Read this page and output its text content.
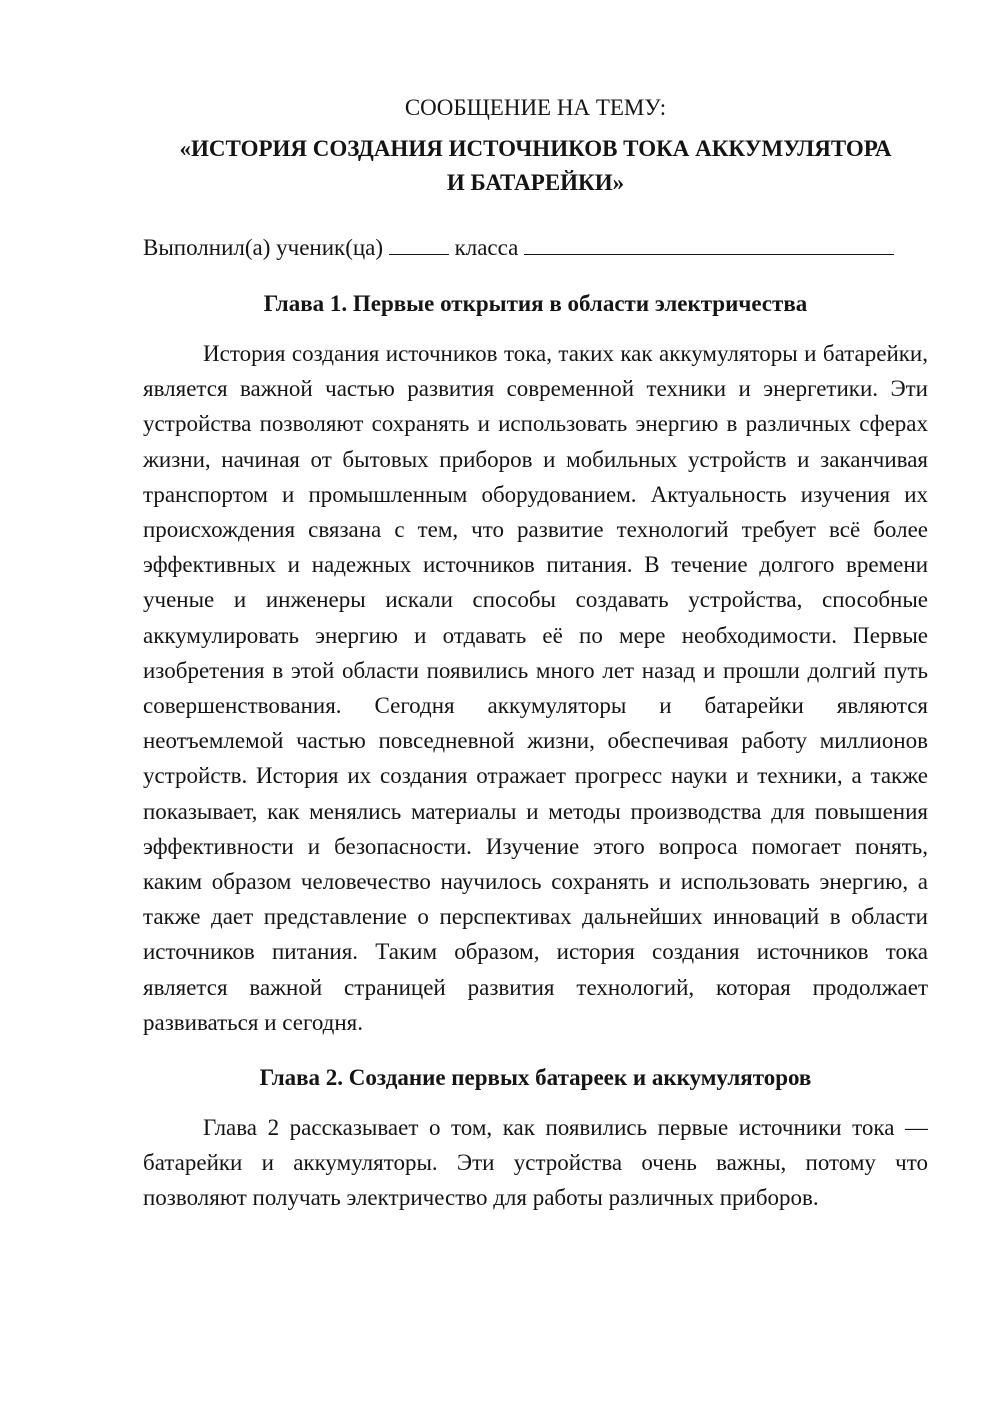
СООБЩЕНИЕ НА ТЕМУ:

«ИСТОРИЯ СОЗДАНИЯ ИСТОЧНИКОВ ТОКА АККУМУЛЯТОРА
И БАТАРЕЙКИ»

Выполнил(а) ученик(ца)	класса

Глава 1. Первые открытия в области электричества

История создания источников тока, таких как аккумуляторы и батарейки, является важной частью развития современной техники и энергетики. Эти устройства позволяют сохранять и использовать энергию в различных сферах жизни, начиная от бытовых приборов и мобильных устройств и заканчивая транспортом и промышленным оборудованием. Актуальность изучения их происхождения связана с тем, что развитие технологий требует всё более эффективных и надежных источников питания. В течение долгого времени ученые и инженеры искали способы создавать устройства, способные аккумулировать энергию и отдавать её по мере необходимости. Первые изобретения в этой области появились много лет назад и прошли долгий путь совершенствования. Сегодня аккумуляторы и батарейки являются неотъемлемой частью повседневной жизни, обеспечивая работу миллионов устройств. История их создания отражает прогресс науки и техники, а также показывает, как менялись материалы и методы производства для повышения эффективности и безопасности. Изучение этого вопроса помогает понять, каким образом человечество научилось сохранять и использовать энергию, а также дает представление о перспективах дальнейших инноваций в области источников питания. Таким образом, история создания источников тока является важной страницей развития технологий, которая продолжает развиваться и сегодня.

Глава 2. Создание первых батареек и аккумуляторов

Глава 2 рассказывает о том, как появились первые источники тока — батарейки и аккумуляторы. Эти устройства очень важны, потому что позволяют получать электричество для работы различных приборов.
